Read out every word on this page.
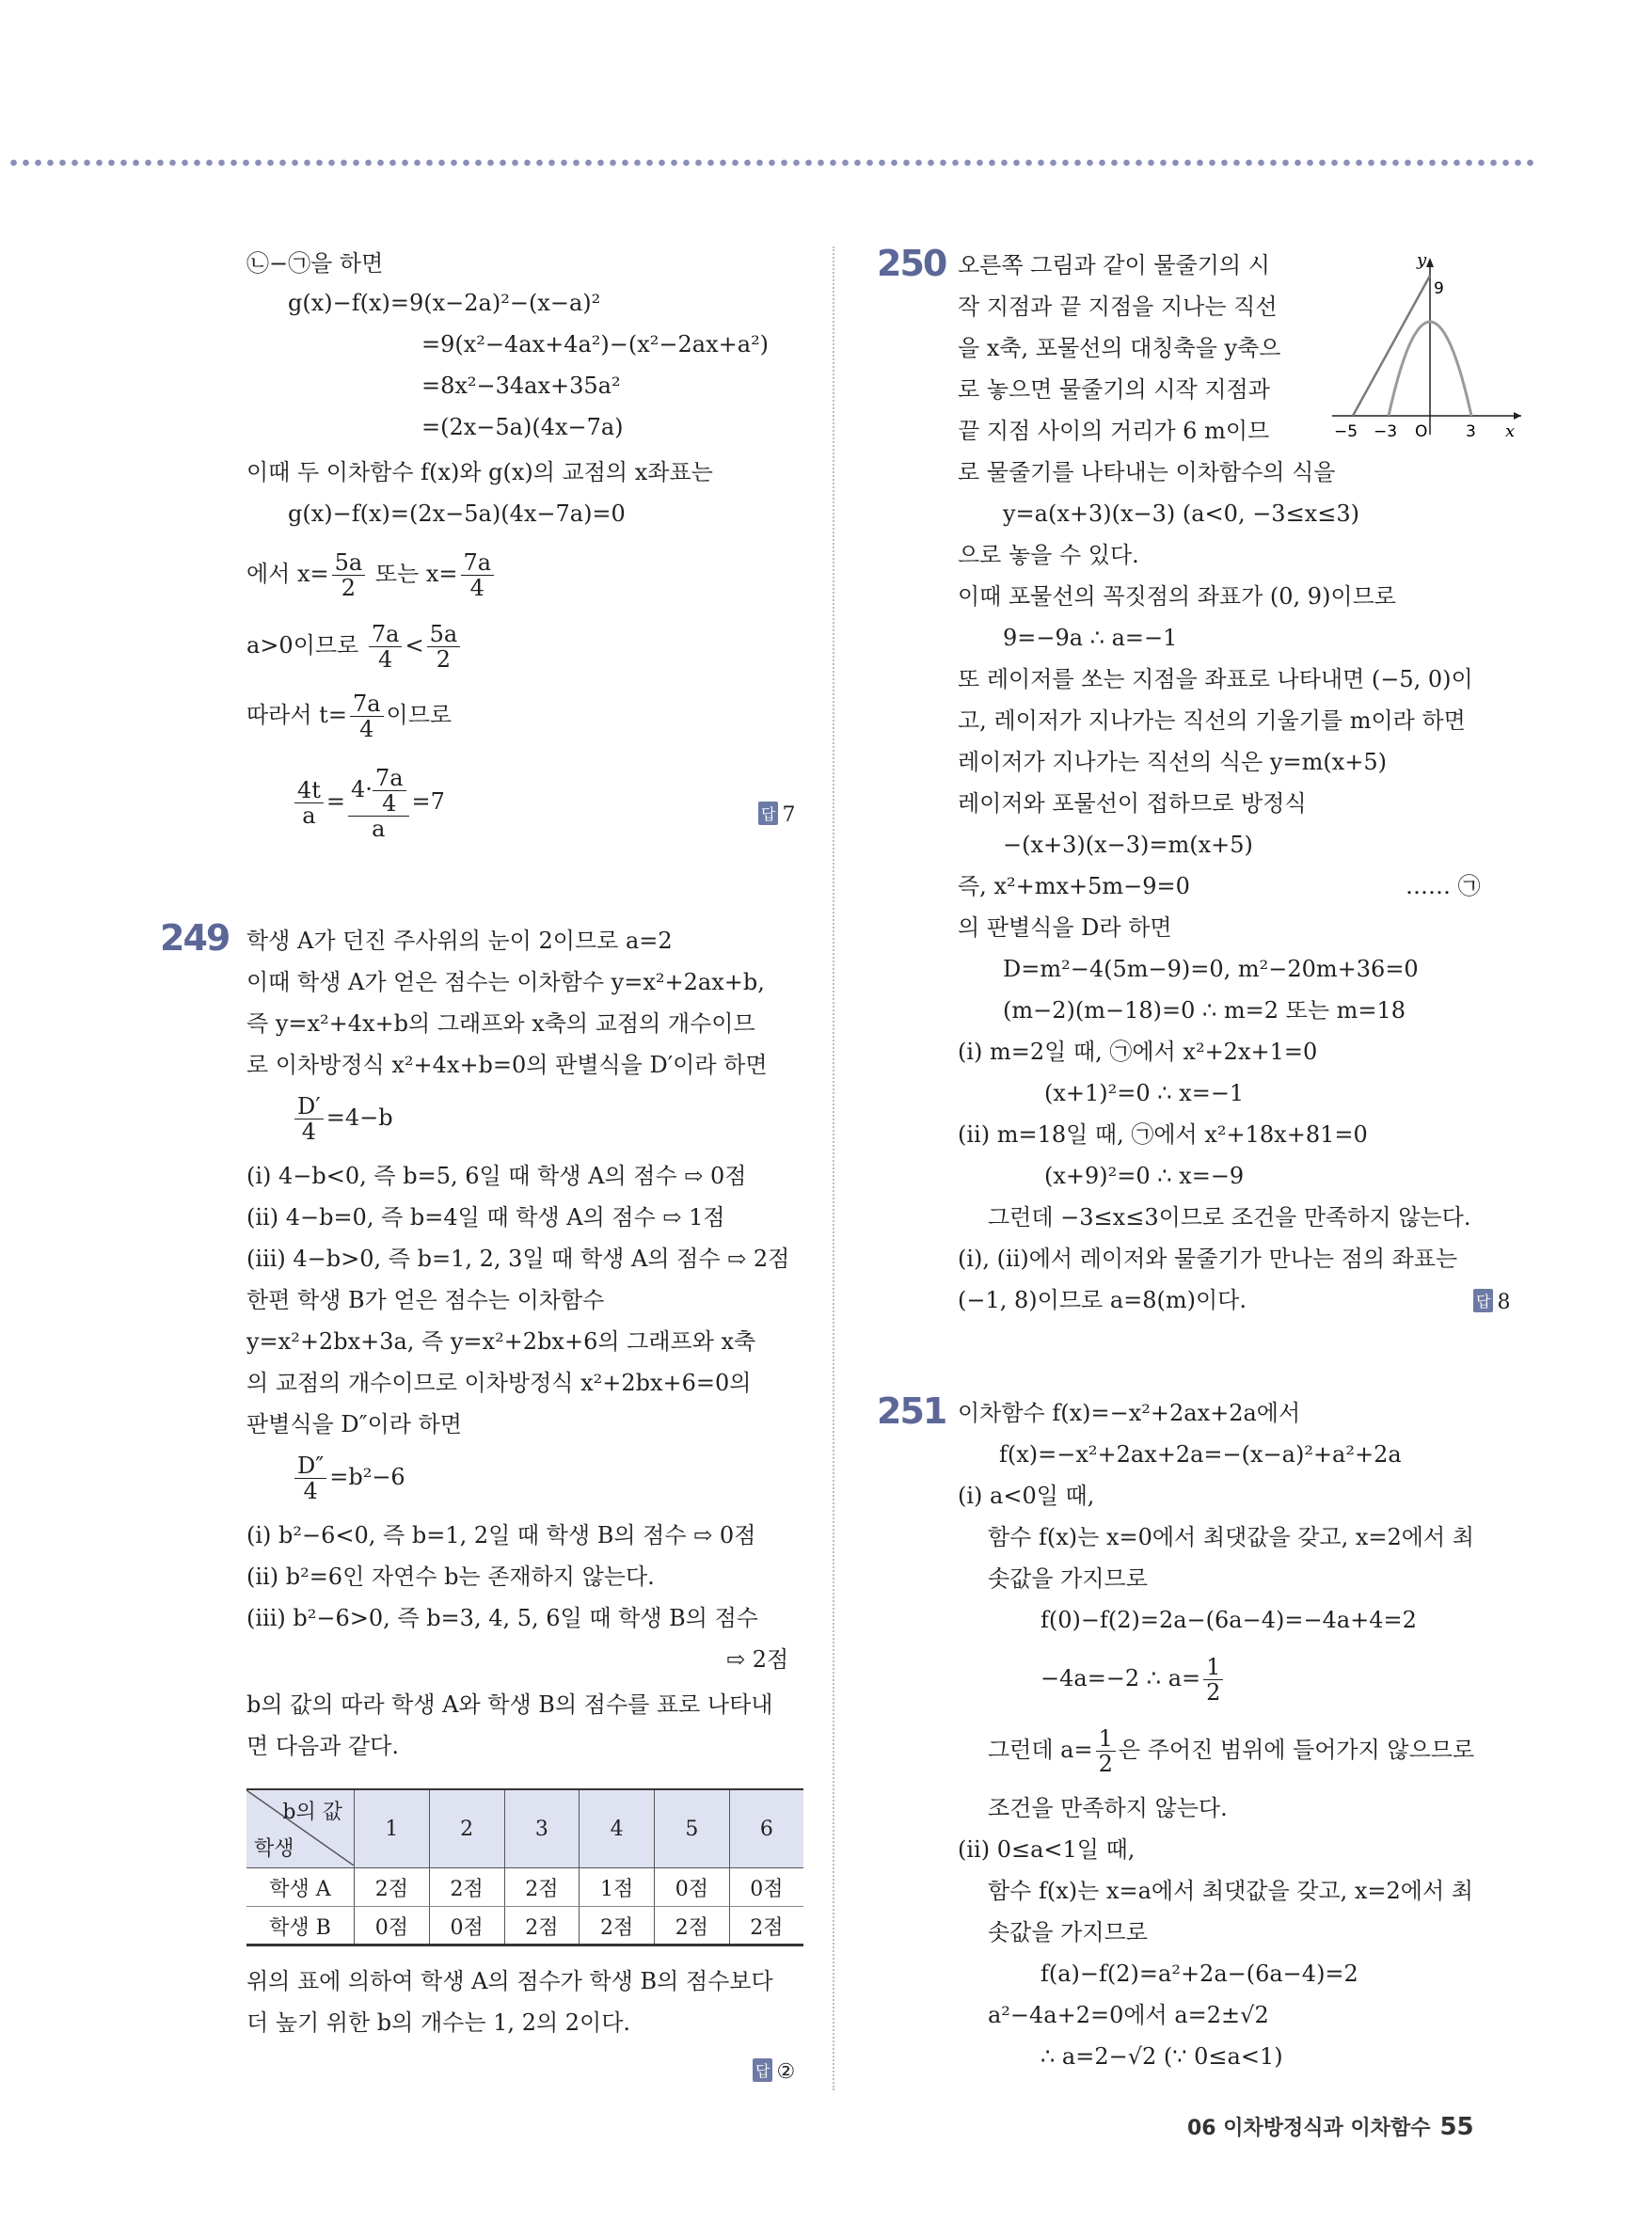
㉡−㉠을 하면
g(x)−f(x)=9(x−2a)²−(x−a)²
=9(x²−4ax+4a²)−(x²−2ax+a²)
=8x²−34ax+35a²
=(2x−5a)(4x−7a)
이때 두 이차함수 f(x)와 g(x)의 교점의 x좌표는
g(x)−f(x)=(2x−5a)(4x−7a)=0
에서 $x= \frac{5a}{2}$ 또는 $x= \frac{7a}{4}$
a>0이므로 $\frac{7a}{4} < \frac{5a}{2}$
따라서 $t= \frac{7a}{4}$ 이므로
$\frac{4t}{a} = \frac{4\cdot \frac{7a}{4}}{a} =7$	답 7
249 학생 A가 던진 주사위의 눈이 2이므로 a=2
이때 학생 A가 얻은 점수는 이차함수 y=x²+2ax+b,
즉 y=x²+4x+b의 그래프와 x축의 교점의 개수이므
로 이차방정식 x²+4x+b=0의 판별식을 D′이라 하면
$\frac{D'}{4} =4-b$
(ⅰ) 4−b<0, 즉 b=5, 6일 때 학생 A의 점수 ⇨ 0점
(ⅱ) 4−b=0, 즉 b=4일 때 학생 A의 점수 ⇨ 1점
(ⅲ) 4−b>0, 즉 b=1, 2, 3일 때 학생 A의 점수 ⇨ 2점
한편 학생 B가 얻은 점수는 이차함수
y=x²+2bx+3a, 즉 y=x²+2bx+6의 그래프와 x축
의 교점의 개수이므로 이차방정식 x²+2bx+6=0의
판별식을 D″이라 하면
$\frac{D''}{4} =b^2-6$
(ⅰ) b²−6<0, 즉 b=1, 2일 때 학생 B의 점수 ⇨ 0점
(ⅱ) b²=6인 자연수 b는 존재하지 않는다.
(ⅲ) b²−6>0, 즉 b=3, 4, 5, 6일 때 학생 B의 점수
⇨ 2점
b의 값의 따라 학생 A와 학생 B의 점수를 표로 나타내
면 다음과 같다.
b의 값
학생	1	2	3	4	5	6
학생 A	2점	2점	2점	1점	0점	0점
학생 B	0점	0점	2점	2점	2점	2점
위의 표에 의하여 학생 A의 점수가 학생 B의 점수보다
더 높기 위한 b의 개수는 1, 2의 2이다.
답 ②
250 오른쪽 그림과 같이 물줄기의 시
작 지점과 끝 지점을 지나는 직선
을 x축, 포물선의 대칭축을 y축으
로 놓으면 물줄기의 시작 지점과
끝 지점 사이의 거리가 6 m이므
로 물줄기를 나타내는 이차함수의 식을
y
9
−5 −3 O 3 x
y=a(x+3)(x−3) (a<0, −3≤x≤3)
으로 놓을 수 있다.
이때 포물선의 꼭짓점의 좌표가 (0, 9)이므로
9=−9a ∴ a=−1
또 레이저를 쏘는 지점을 좌표로 나타내면 (−5, 0)이
고, 레이저가 지나가는 직선의 기울기를 m이라 하면
레이저가 지나가는 직선의 식은 y=m(x+5)
레이저와 포물선이 접하므로 방정식
−(x+3)(x−3)=m(x+5)
즉, x²+mx+5m−9=0	…… ㉠
의 판별식을 D라 하면
D=m²−4(5m−9)=0, m²−20m+36=0
(m−2)(m−18)=0 ∴ m=2 또는 m=18
(ⅰ) m=2일 때, ㉠에서 x²+2x+1=0
(x+1)²=0 ∴ x=−1
(ⅱ) m=18일 때, ㉠에서 x²+18x+81=0
(x+9)²=0 ∴ x=−9
그런데 −3≤x≤3이므로 조건을 만족하지 않는다.
(ⅰ), (ⅱ)에서 레이저와 물줄기가 만나는 점의 좌표는
(−1, 8)이므로 a=8(m)이다.	답 8
251 이차함수 f(x)=−x²+2ax+2a에서
f(x)=−x²+2ax+2a=−(x−a)²+a²+2a
(ⅰ) a<0일 때,
함수 f(x)는 x=0에서 최댓값을 갖고, x=2에서 최
솟값을 가지므로
f(0)−f(2)=2a−(6a−4)=−4a+4=2
−4a=−2 ∴ $a= \frac{1}{2}$
그런데 $a= \frac{1}{2}$ 은 주어진 범위에 들어가지 않으므로
조건을 만족하지 않는다.
(ⅱ) 0≤a<1일 때,
함수 f(x)는 x=a에서 최댓값을 갖고, x=2에서 최
솟값을 가지므로
f(a)−f(2)=a²+2a−(6a−4)=2
a²−4a+2=0에서 a=2±√2
∴ a=2−√2 (∵ 0≤a<1)
06 이차방정식과 이차함수 55
